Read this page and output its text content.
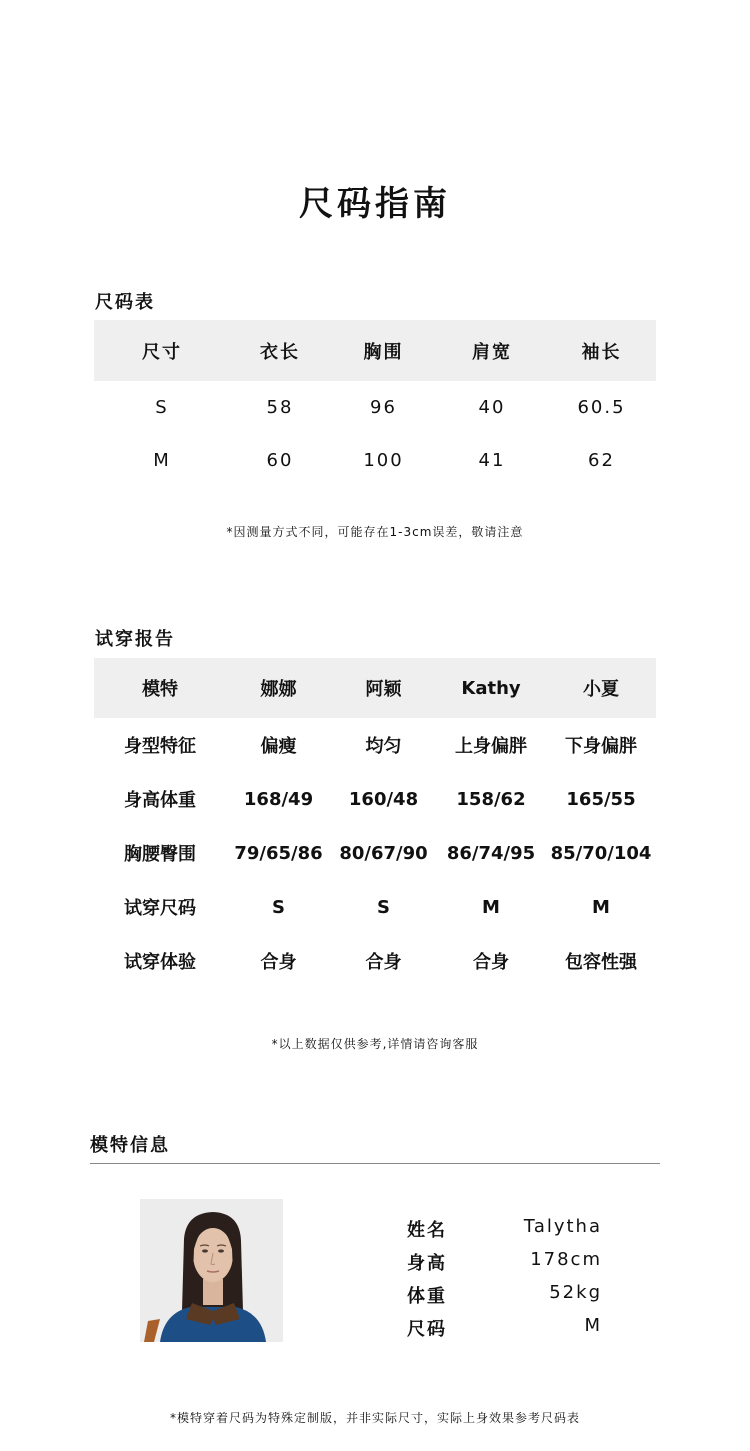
尺码指南
尺码表
尺寸	衣长	胸围	肩宽	袖长
S	58	96	40	60.5
M	60	100	41	62
*因测量方式不同，可能存在1-3cm误差，敬请注意
试穿报告
模特	娜娜	阿颖	Kathy	小夏
身型特征	偏瘦	均匀	上身偏胖	下身偏胖
身高体重	168/49	160/48	158/62	165/55
胸腰臀围	79/65/86	80/67/90	86/74/95	85/70/104
试穿尺码	S	S	M	M
试穿体验	合身	合身	合身	包容性强
*以上数据仅供参考,详情请咨询客服
模特信息
姓名	Talytha
身高	178cm
体重	52kg
尺码	M
*模特穿着尺码为特殊定制版，并非实际尺寸，实际上身效果参考尺码表
